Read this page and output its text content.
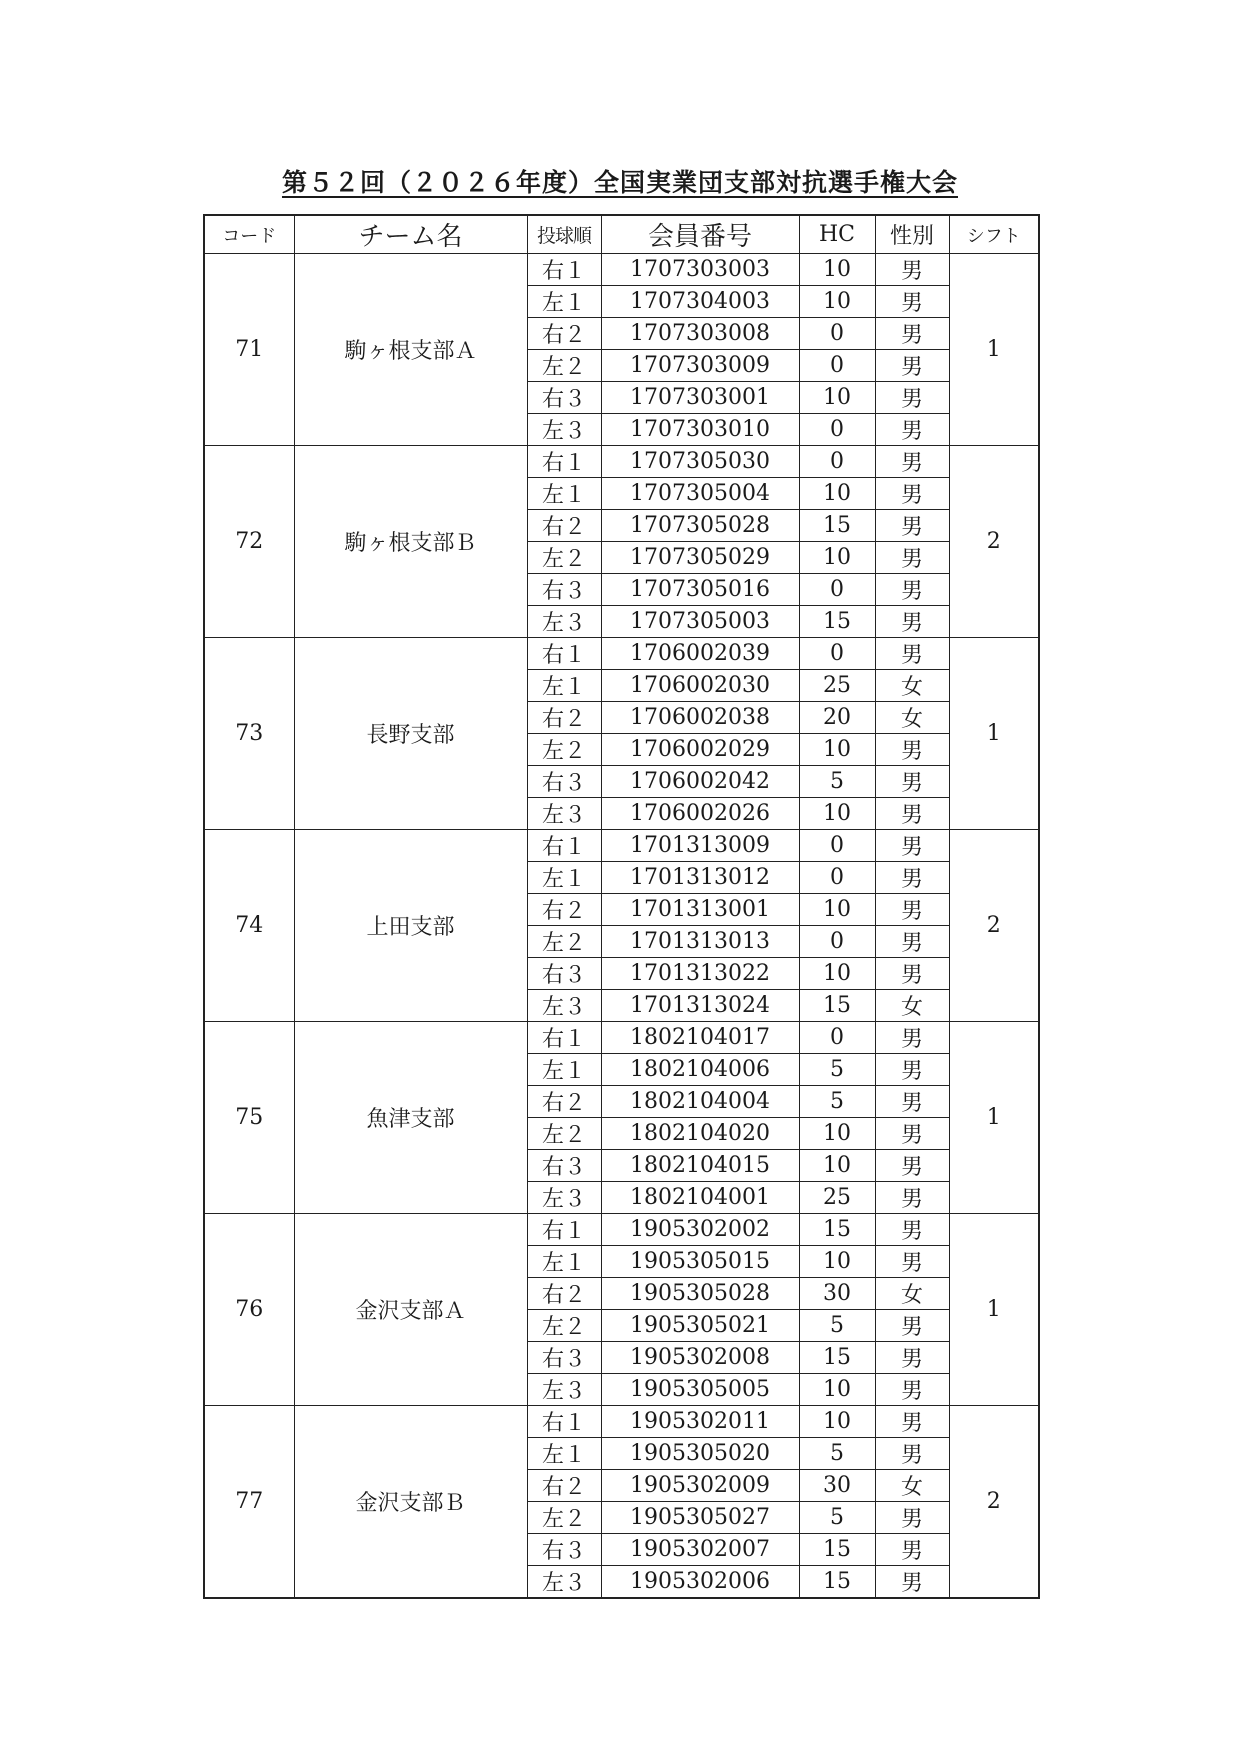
第５２回（２０２６年度）全国実業団支部対抗選手権大会
コード	チーム名	投球順	会員番号	HC	性別	シフト
71	駒ヶ根支部Ａ	右１	1707303003	10	男	1
		左１	1707304003	10	男	
		右２	1707303008	0	男	
		左２	1707303009	0	男	
		右３	1707303001	10	男	
		左３	1707303010	0	男	
72	駒ヶ根支部Ｂ	右１	1707305030	0	男	2
		左１	1707305004	10	男	
		右２	1707305028	15	男	
		左２	1707305029	10	男	
		右３	1707305016	0	男	
		左３	1707305003	15	男	
73	長野支部	右１	1706002039	0	男	1
		左１	1706002030	25	女	
		右２	1706002038	20	女	
		左２	1706002029	10	男	
		右３	1706002042	5	男	
		左３	1706002026	10	男	
74	上田支部	右１	1701313009	0	男	2
		左１	1701313012	0	男	
		右２	1701313001	10	男	
		左２	1701313013	0	男	
		右３	1701313022	10	男	
		左３	1701313024	15	女	
75	魚津支部	右１	1802104017	0	男	1
		左１	1802104006	5	男	
		右２	1802104004	5	男	
		左２	1802104020	10	男	
		右３	1802104015	10	男	
		左３	1802104001	25	男	
76	金沢支部Ａ	右１	1905302002	15	男	1
		左１	1905305015	10	男	
		右２	1905305028	30	女	
		左２	1905305021	5	男	
		右３	1905302008	15	男	
		左３	1905305005	10	男	
77	金沢支部Ｂ	右１	1905302011	10	男	2
		左１	1905305020	5	男	
		右２	1905302009	30	女	
		左２	1905305027	5	男	
		右３	1905302007	15	男	
		左３	1905302006	15	男	
